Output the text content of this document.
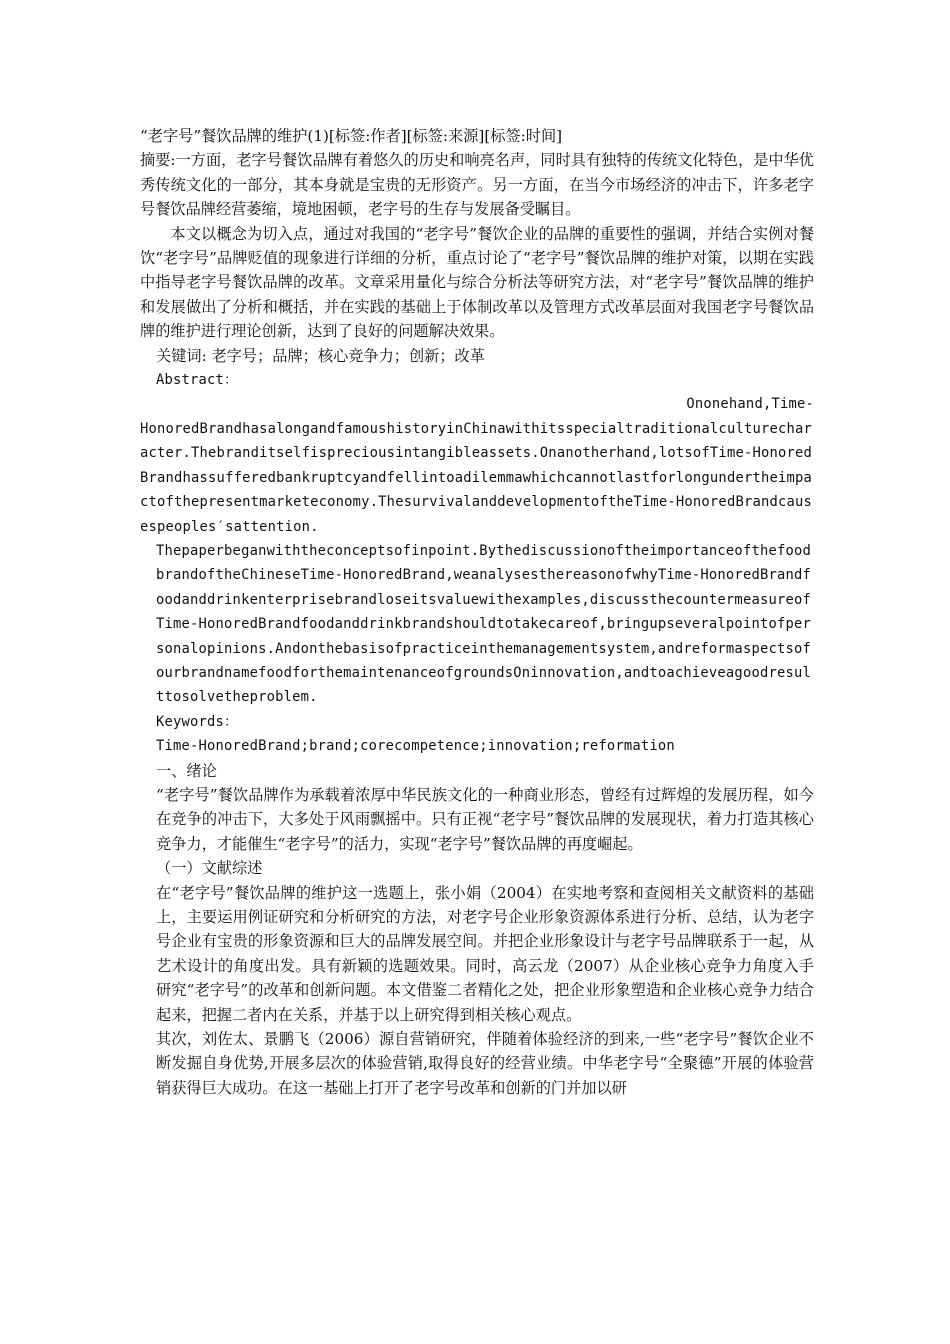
“老字号”餐饮品牌的维护(1)[标签:作者][标签:来源][标签:时间]

摘要:一方面，老字号餐饮品牌有着悠久的历史和响亮名声，同时具有独特的传统文化特色，是中华优秀传统文化的一部分，其本身就是宝贵的无形资产。另一方面，在当今市场经济的冲击下，许多老字号餐饮品牌经营萎缩，境地困顿，老字号的生存与发展备受瞩目。

本文以概念为切入点，通过对我国的“老字号”餐饮企业的品牌的重要性的强调，并结合实例对餐饮“老字号”品牌贬值的现象进行详细的分析，重点讨论了“老字号”餐饮品牌的维护对策，以期在实践中指导老字号餐饮品牌的改革。文章采用量化与综合分析法等研究方法，对“老字号”餐饮品牌的维护和发展做出了分析和概括，并在实践的基础上于体制改革以及管理方式改革层面对我国老字号餐饮品牌的维护进行理论创新，达到了良好的问题解决效果。

关键词: 老字号；品牌；核心竞争力；创新；改革

Abstract：

Ononehand,Time-

HonoredBrandhasalongandfamoushistoryinChinawithitsspecialtraditionalculturecharacter.Thebranditselfispreciousintangibleassets.Onanotherhand,lotsofTime-HonoredBrandhassufferedbankruptcyandfellintoadilemmawhichcannotlastforlongundertheimpactofthepresentmarketeconomy.ThesurvivalanddevelopmentoftheTime-HonoredBrandcausespeoples′sattention.

Thepaperbeganwiththeconceptsofinpoint.BythediscussionoftheimportanceofthefoodbrandoftheChineseTime-HonoredBrand,weanalysesthereasonofwhyTime-HonoredBrandfoodanddrinkenterprisebrandloseitsvaluewithexamples,discussthecountermeasureofTime-HonoredBrandfoodanddrinkbrandshouldtotakecareof,bringupseveralpointofpersonalopinions.Andonthebasisofpracticeinthemanagementsystem,andreformaspectsofourbrandnamefoodforthemaintenanceofgroundsOninnovation,andtoachieveagoodresulttosolvetheproblem.

Keywords：

Time-HonoredBrand;brand;corecompetence;innovation;reformation

一、绪论

“老字号”餐饮品牌作为承载着浓厚中华民族文化的一种商业形态，曾经有过辉煌的发展历程，如今在竞争的冲击下，大多处于风雨飘摇中。只有正视“老字号”餐饮品牌的发展现状，着力打造其核心竞争力，才能催生“老字号”的活力，实现“老字号”餐饮品牌的再度崛起。

（一）文献综述

在“老字号”餐饮品牌的维护这一选题上，张小娟（2004）在实地考察和查阅相关文献资料的基础上，主要运用例证研究和分析研究的方法，对老字号企业形象资源体系进行分析、总结，认为老字号企业有宝贵的形象资源和巨大的品牌发展空间。并把企业形象设计与老字号品牌联系于一起，从艺术设计的角度出发。具有新颖的选题效果。同时，高云龙（2007）从企业核心竞争力角度入手研究“老字号”的改革和创新问题。本文借鉴二者精化之处，把企业形象塑造和企业核心竞争力结合起来，把握二者内在关系，并基于以上研究得到相关核心观点。

其次，刘佐太、景鹏飞（2006）源自营销研究，伴随着体验经济的到来,一些“老字号”餐饮企业不断发掘自身优势,开展多层次的体验营销,取得良好的经营业绩。中华老字号“全聚德”开展的体验营销获得巨大成功。在这一基础上打开了老字号改革和创新的门并加以研
